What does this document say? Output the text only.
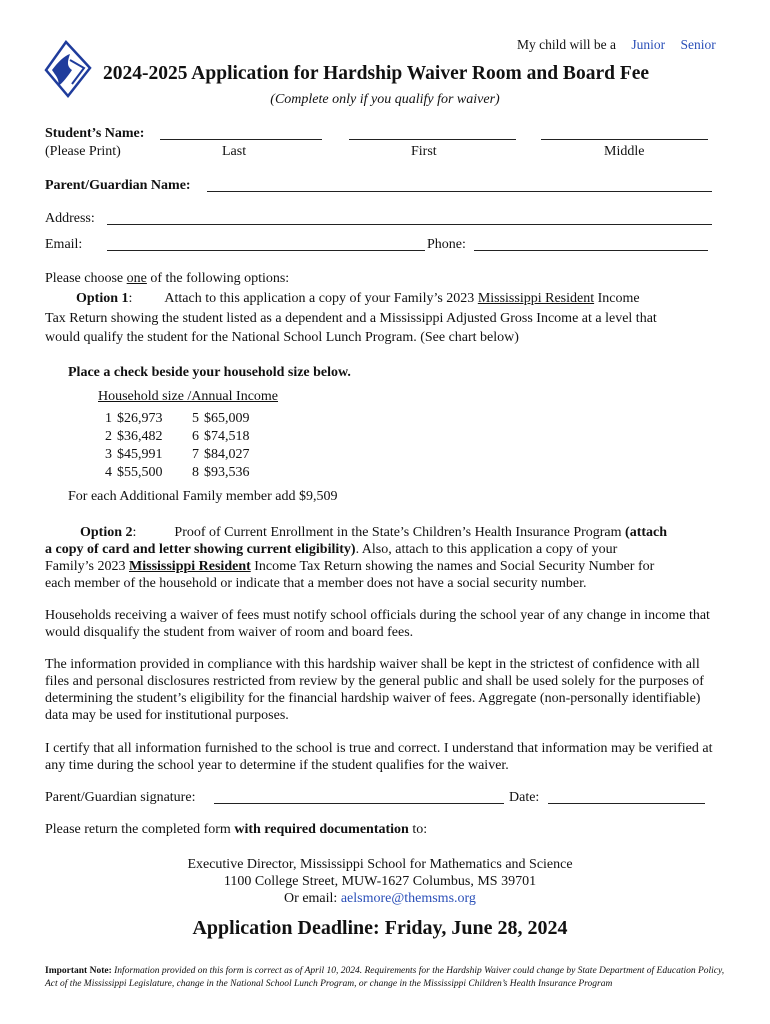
My child will be a Junior Senior
2024-2025 Application for Hardship Waiver Room and Board Fee
(Complete only if you qualify for waiver)
Student’s Name:
(Please Print)	Last	First	Middle
Parent/Guardian Name:
Address:
Email:	Phone:
Please choose one of the following options:
Option 1: Attach to this application a copy of your Family’s 2023 Mississippi Resident Income
Tax Return showing the student listed as a dependent and a Mississippi Adjusted Gross Income at a level that
would qualify the student for the National School Lunch Program. (See chart below)
Place a check beside your household size below.
Household size /Annual Income
1	$26,973	5	$65,009
2	$36,482	6	$74,518
3	$45,991	7	$84,027
4	$55,500	8	$93,536
For each Additional Family member add $9,509
Option 2:	Proof of Current Enrollment in the State’s Children’s Health Insurance Program (attach
a copy of card and letter showing current eligibility). Also, attach to this application a copy of your
Family’s 2023 Mississippi Resident Income Tax Return showing the names and Social Security Number for
each member of the household or indicate that a member does not have a social security number.
Households receiving a waiver of fees must notify school officials during the school year of any change in income that would disqualify the student from waiver of room and board fees.
The information provided in compliance with this hardship waiver shall be kept in the strictest of confidence with all files and personal disclosures restricted from review by the general public and shall be used solely for the purposes of determining the student’s eligibility for the financial hardship waiver of fees. Aggregate (non-personally identifiable) data may be used for institutional purposes.
I certify that all information furnished to the school is true and correct. I understand that information may be verified at any time during the school year to determine if the student qualifies for the waiver.
Parent/Guardian signature:	Date:
Please return the completed form with required documentation to:
Executive Director, Mississippi School for Mathematics and Science
1100 College Street, MUW-1627 Columbus, MS 39701
Or email: aelsmore@themsms.org
Application Deadline: Friday, June 28, 2024
Important Note: Information provided on this form is correct as of April 10, 2024. Requirements for the Hardship Waiver could change by State Department of Education Policy, Act of the Mississippi Legislature, change in the National School Lunch Program, or change in the Mississippi Children’s Health Insurance Program
